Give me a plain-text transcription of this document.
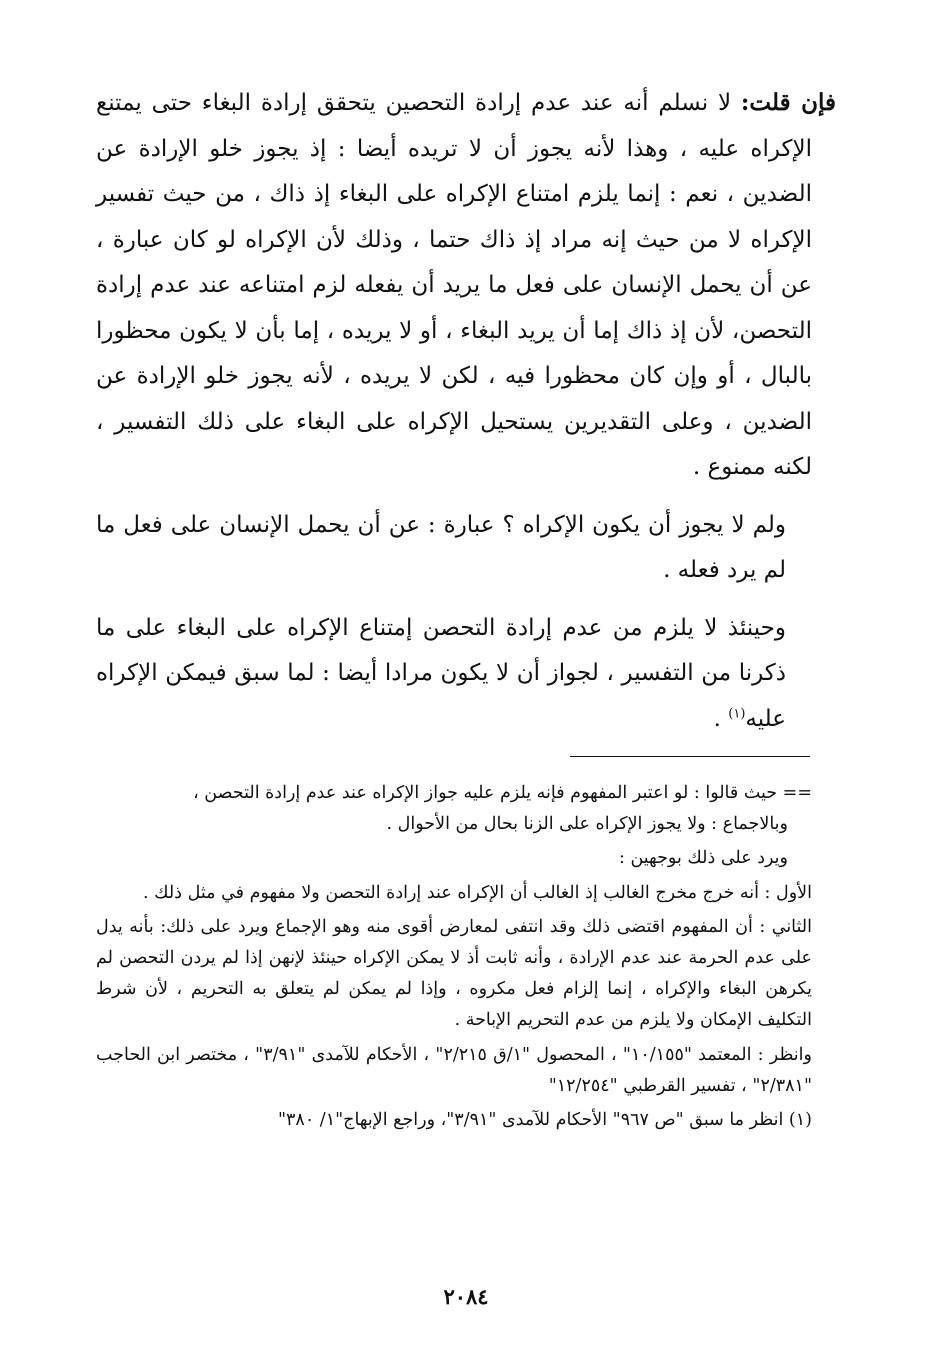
فإن قلت: لا نسلم أنه عند عدم إرادة التحصين يتحقق إرادة البغاء حتى يمتنع الإكراه عليه ، وهذا لأنه يجوز أن لا تريده أيضا : إذ يجوز خلو الإرادة عن الضدين ، نعم : إنما يلزم امتناع الإكراه على البغاء إذ ذاك ، من حيث تفسير الإكراه لا من حيث إنه مراد إذ ذاك حتما ، وذلك لأن الإكراه لو كان عبارة ، عن أن يحمل الإنسان على فعل ما يريد أن يفعله لزم امتناعه عند عدم إرادة التحصن، لأن إذ ذاك إما أن يريد البغاء ، أو لا يريده ، إما بأن لا يكون محظورا بالبال ، أو وإن كان محظورا فيه ، لكن لا يريده ، لأنه يجوز خلو الإرادة عن الضدين ، وعلى التقديرين يستحيل الإكراه على البغاء على ذلك التفسير ، لكنه ممنوع .

ولم لا يجوز أن يكون الإكراه ؟ عبارة : عن أن يحمل الإنسان على فعل ما لم يرد فعله .

وحينئذ لا يلزم من عدم إرادة التحصن إمتناع الإكراه على البغاء على ما ذكرنا من التفسير ، لجواز أن لا يكون مرادا أيضا : لما سبق فيمكن الإكراه عليه$^{(١)}$ .

== حيث قالوا : لو اعتبر المفهوم فإنه يلزم عليه جواز الإكراه عند عدم إرادة التحصن ،

وبالاجماع : ولا يجوز الإكراه على الزنا بحال من الأحوال .

ويرد على ذلك بوجهين :

الأول : أنه خرج مخرج الغالب إذ الغالب أن الإكراه عند إرادة التحصن ولا مفهوم في مثل ذلك .

الثاني : أن المفهوم اقتضى ذلك وقد انتفى لمعارض أقوى منه وهو الإجماع ويرد على ذلك: بأنه يدل على عدم الحرمة عند عدم الإرادة ، وأنه ثابت أذ لا يمكن الإكراه حينئذ لإنهن إذا لم يردن التحصن لم يكرهن البغاء والإكراه ، إنما إلزام فعل مكروه ، وإذا لم يمكن لم يتعلق به التحريم ، لأن شرط التكليف الإمكان ولا يلزم من عدم التحريم الإباحة .

وانظر : المعتمد "١٠/١٥٥" ، المحصول "١/ق ٢/٢١٥" ، الأحكام للآمدى "٣/٩١" ، مختصر ابن الحاجب "٢/٣٨١" ، تفسير القرطبي "١٢/٢٥٤"

(١) انظر ما سبق "ص ٩٦٧" الأحكام للآمدى "٣/٩١"، وراجع الإبهاج"١/ ٣٨٠"

٢٠٨٤
